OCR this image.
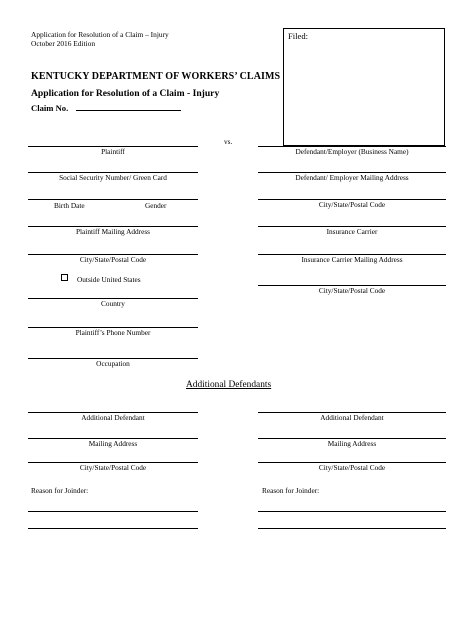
Application for Resolution of a Claim – Injury
October 2016 Edition
Filed:
KENTUCKY DEPARTMENT OF WORKERS’ CLAIMS
Application for Resolution of a Claim - Injury
Claim No.
vs.
Plaintiff
Social Security Number/ Green Card
Birth Date	Gender
Plaintiff Mailing Address
City/State/Postal Code
Outside United States
Country
Plaintiff’s Phone Number
Occupation
Defendant/Employer (Business Name)
Defendant/ Employer Mailing Address
City/State/Postal Code
Insurance Carrier
Insurance Carrier Mailing Address
City/State/Postal Code
Additional Defendants
Additional Defendant	Additional Defendant
Mailing Address	Mailing Address
City/State/Postal Code	City/State/Postal Code
Reason for Joinder:	Reason for Joinder:
